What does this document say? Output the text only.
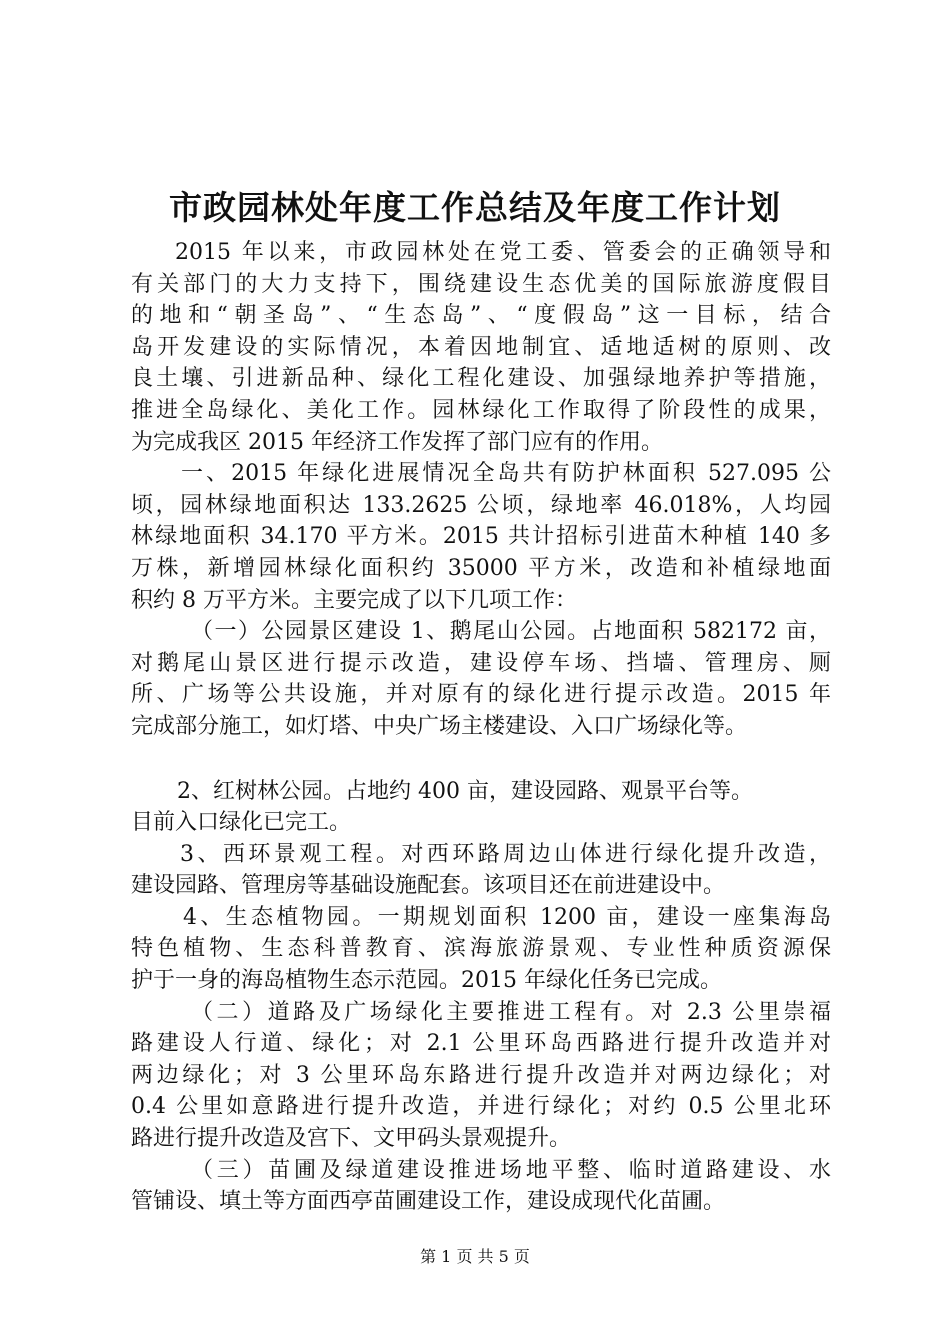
市政园林处年度工作总结及年度工作计划
2015 年以来，市政园林处在党工委、管委会的正确领导和
有关部门的大力支持下，围绕建设生态优美的国际旅游度假目
的地和“朝圣岛”、“生态岛”、“度假岛”这一目标，结合
岛开发建设的实际情况，本着因地制宜、适地适树的原则、改
良土壤、引进新品种、绿化工程化建设、加强绿地养护等措施，
推进全岛绿化、美化工作。园林绿化工作取得了阶段性的成果，
为完成我区 2015 年经济工作发挥了部门应有的作用。
一、2015 年绿化进展情况全岛共有防护林面积 527.095 公
顷，园林绿地面积达 133.2625 公顷，绿地率 46.018%，人均园
林绿地面积 34.170 平方米。2015 共计招标引进苗木种植 140 多
万株，新增园林绿化面积约 35000 平方米，改造和补植绿地面
积约 8 万平方米。主要完成了以下几项工作：
（一）公园景区建设 1、鹅尾山公园。占地面积 582172 亩，
对鹅尾山景区进行提示改造，建设停车场、挡墙、管理房、厕
所、广场等公共设施，并对原有的绿化进行提示改造。2015 年
完成部分施工，如灯塔、中央广场主楼建设、入口广场绿化等。
2、红树林公园。占地约 400 亩，建设园路、观景平台等。
目前入口绿化已完工。
3、西环景观工程。对西环路周边山体进行绿化提升改造，
建设园路、管理房等基础设施配套。该项目还在前进建设中。
4、生态植物园。一期规划面积 1200 亩，建设一座集海岛
特色植物、生态科普教育、滨海旅游景观、专业性种质资源保
护于一身的海岛植物生态示范园。2015 年绿化任务已完成。
（二）道路及广场绿化主要推进工程有。对 2.3 公里崇福
路建设人行道、绿化；对 2.1 公里环岛西路进行提升改造并对
两边绿化；对 3 公里环岛东路进行提升改造并对两边绿化；对
0.4 公里如意路进行提升改造，并进行绿化；对约 0.5 公里北环
路进行提升改造及宫下、文甲码头景观提升。
（三）苗圃及绿道建设推进场地平整、临时道路建设、水
管铺设、填土等方面西亭苗圃建设工作，建设成现代化苗圃。
第 1 页 共 5 页
